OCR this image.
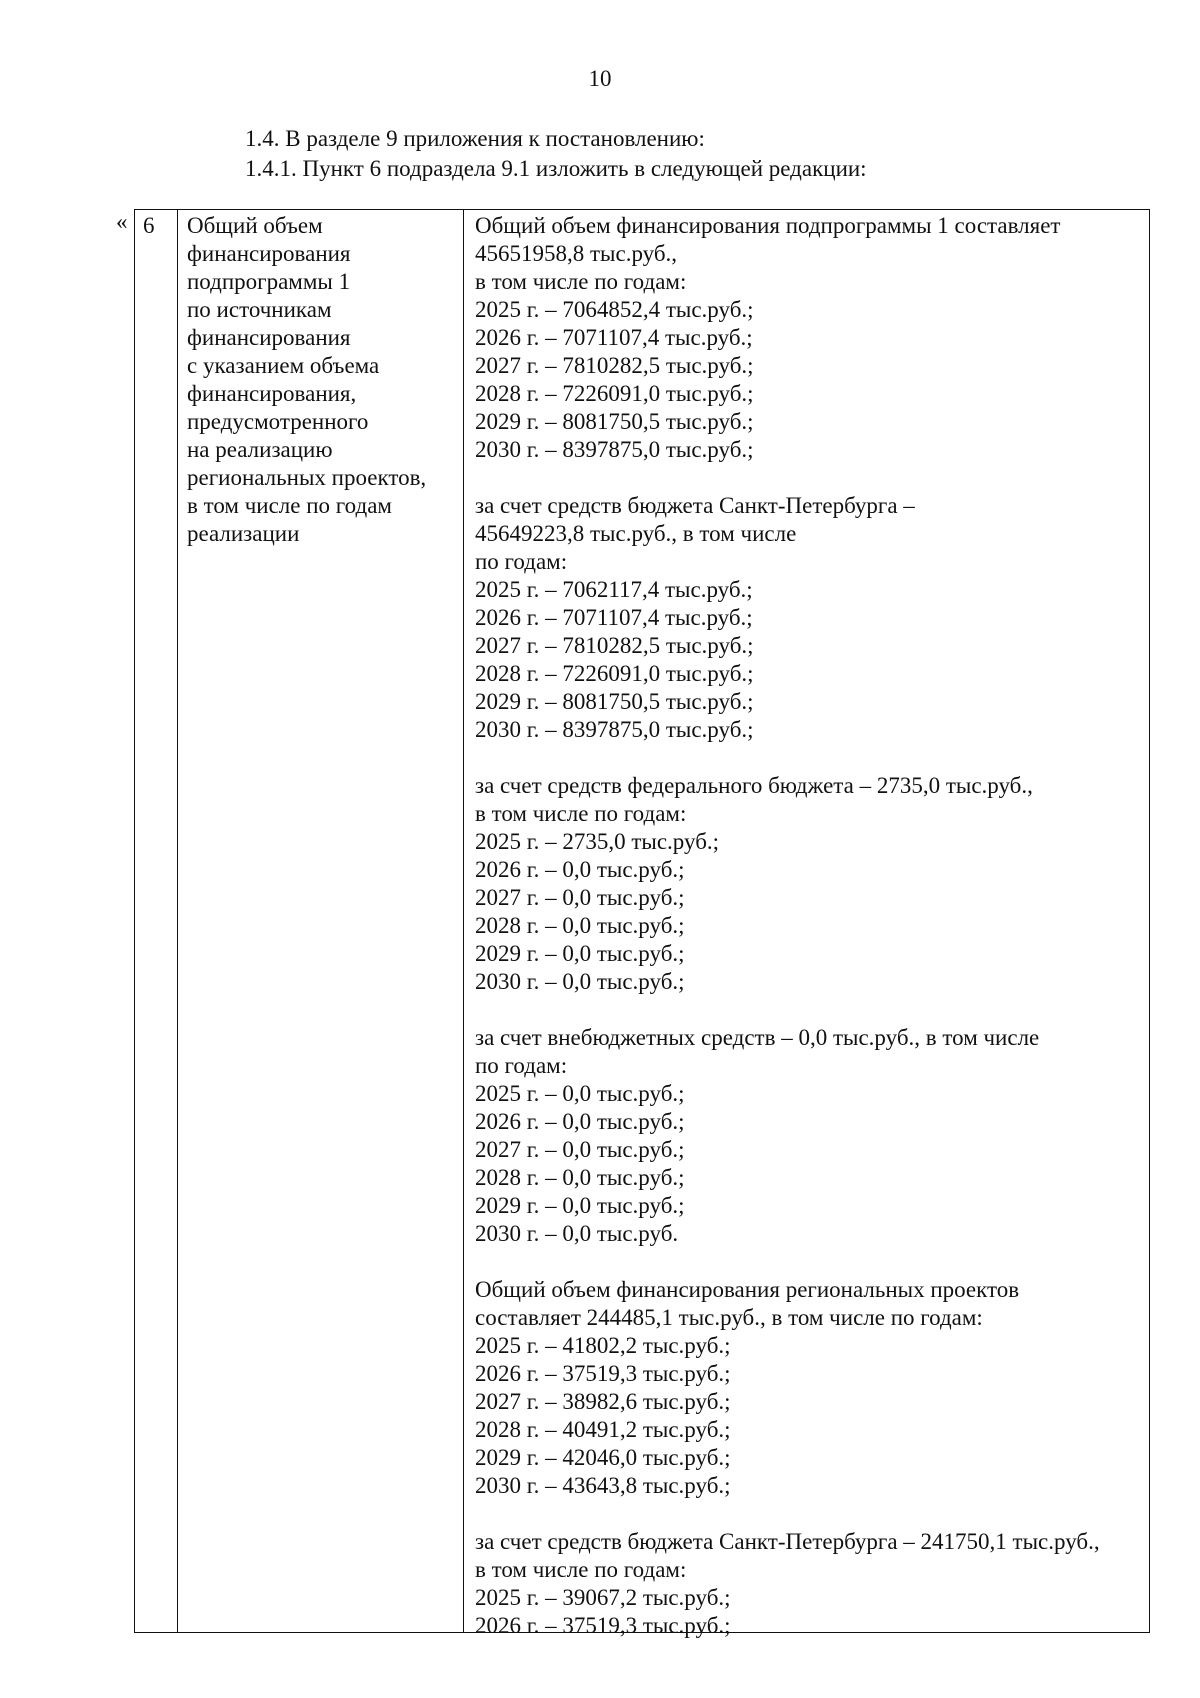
10
1.4. В разделе 9 приложения к постановлению:
1.4.1. Пункт 6 подраздела 9.1 изложить в следующей редакции:
« 6 Общий объем
финансирования
подпрограммы 1
по источникам
финансирования
с указанием объема
финансирования,
предусмотренного
на реализацию
региональных проектов,
в том числе по годам
реализации
Общий объем финансирования подпрограммы 1 составляет
45651958,8 тыс.руб.,
в том числе по годам:
2025 г. – 7064852,4 тыс.руб.;
2026 г. – 7071107,4 тыс.руб.;
2027 г. – 7810282,5 тыс.руб.;
2028 г. – 7226091,0 тыс.руб.;
2029 г. – 8081750,5 тыс.руб.;
2030 г. – 8397875,0 тыс.руб.;
за счет средств бюджета Санкт-Петербурга –
45649223,8 тыс.руб., в том числе
по годам:
2025 г. – 7062117,4 тыс.руб.;
2026 г. – 7071107,4 тыс.руб.;
2027 г. – 7810282,5 тыс.руб.;
2028 г. – 7226091,0 тыс.руб.;
2029 г. – 8081750,5 тыс.руб.;
2030 г. – 8397875,0 тыс.руб.;
за счет средств федерального бюджета – 2735,0 тыс.руб.,
в том числе по годам:
2025 г. – 2735,0 тыс.руб.;
2026 г. – 0,0 тыс.руб.;
2027 г. – 0,0 тыс.руб.;
2028 г. – 0,0 тыс.руб.;
2029 г. – 0,0 тыс.руб.;
2030 г. – 0,0 тыс.руб.;
за счет внебюджетных средств – 0,0 тыс.руб., в том числе
по годам:
2025 г. – 0,0 тыс.руб.;
2026 г. – 0,0 тыс.руб.;
2027 г. – 0,0 тыс.руб.;
2028 г. – 0,0 тыс.руб.;
2029 г. – 0,0 тыс.руб.;
2030 г. – 0,0 тыс.руб.
Общий объем финансирования региональных проектов
составляет 244485,1 тыс.руб., в том числе по годам:
2025 г. – 41802,2 тыс.руб.;
2026 г. – 37519,3 тыс.руб.;
2027 г. – 38982,6 тыс.руб.;
2028 г. – 40491,2 тыс.руб.;
2029 г. – 42046,0 тыс.руб.;
2030 г. – 43643,8 тыс.руб.;
за счет средств бюджета Санкт-Петербурга – 241750,1 тыс.руб.,
в том числе по годам:
2025 г. – 39067,2 тыс.руб.;
2026 г. – 37519,3 тыс.руб.;
